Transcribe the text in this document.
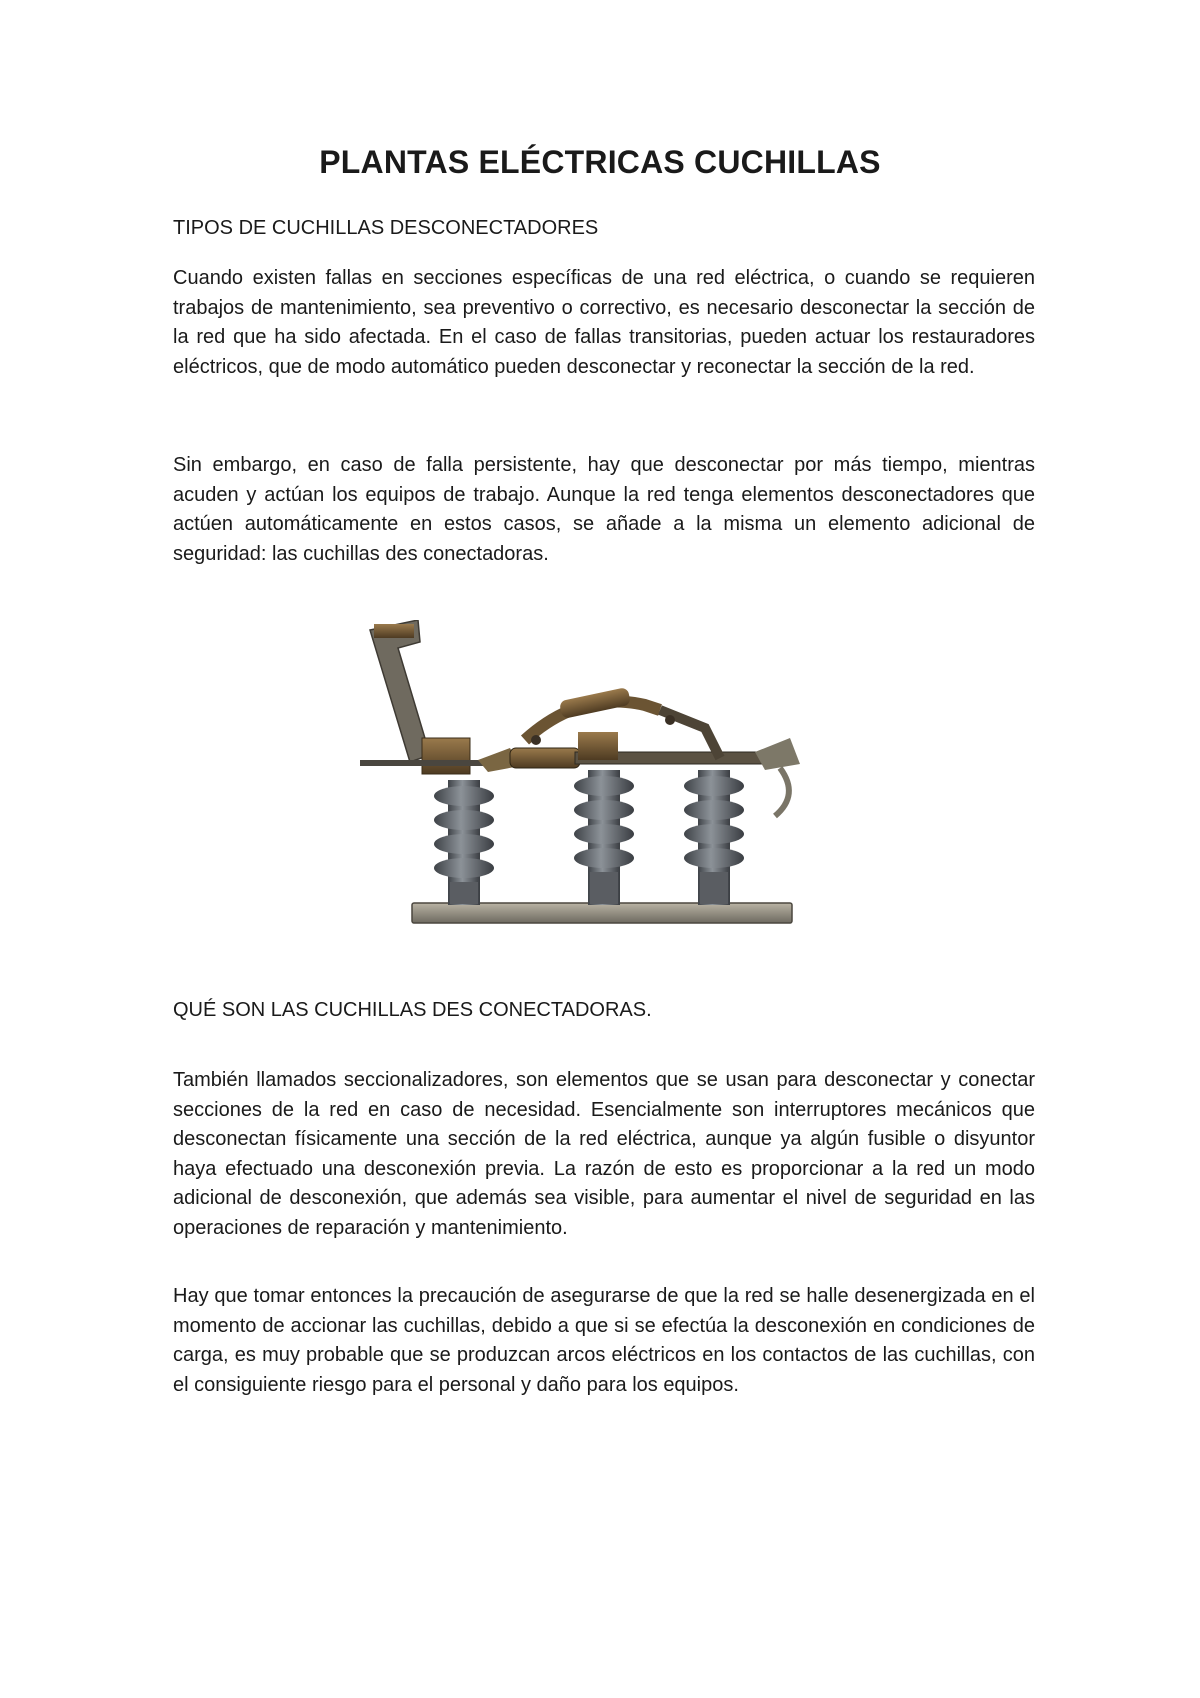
PLANTAS ELÉCTRICAS CUCHILLAS

TIPOS DE CUCHILLAS DESCONECTADORES

Cuando existen fallas en secciones específicas de una red eléctrica, o cuando se requieren trabajos de mantenimiento, sea preventivo o correctivo, es necesario desconectar la sección de la red que ha sido afectada. En el caso de fallas transitorias, pueden actuar los restauradores eléctricos, que de modo automático pueden desconectar y reconectar la sección de la red.

Sin embargo, en caso de falla persistente, hay que desconectar por más tiempo, mientras acuden y actúan los equipos de trabajo. Aunque la red tenga elementos desconectadores que actúen automáticamente en estos casos, se añade a la misma un elemento adicional de seguridad: las cuchillas des conectadoras.

QUÉ SON LAS CUCHILLAS DES CONECTADORAS.

También llamados seccionalizadores, son elementos que se usan para desconectar y conectar secciones de la red en caso de necesidad. Esencialmente son interruptores mecánicos que desconectan físicamente una sección de la red eléctrica, aunque ya algún fusible o disyuntor haya efectuado una desconexión previa. La razón de esto es proporcionar a la red un modo adicional de desconexión, que además sea visible, para aumentar el nivel de seguridad en las operaciones de reparación y mantenimiento.

Hay que tomar entonces la precaución de asegurarse de que la red se halle desenergizada en el momento de accionar las cuchillas, debido a que si se efectúa la desconexión en condiciones de carga, es muy probable que se produzcan arcos eléctricos en los contactos de las cuchillas, con el consiguiente riesgo para el personal y daño para los equipos.
